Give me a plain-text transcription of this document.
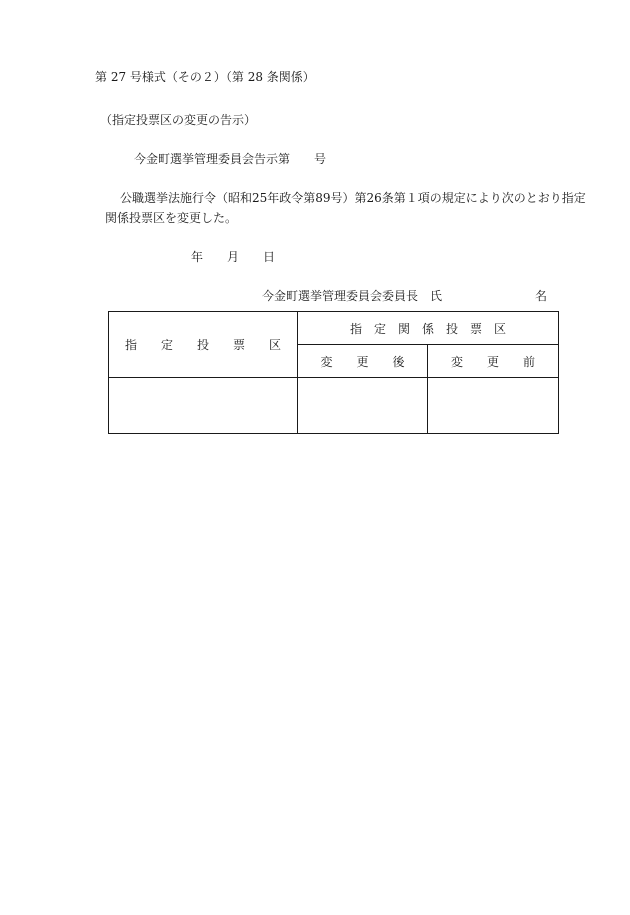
第 27 号様式（その２）（第 28 条関係）
（指定投票区の変更の告示）
今金町選挙管理委員会告示第　　号
公職選挙法施行令（昭和25年政令第89号）第26条第１項の規定により次のとおり指定
関係投票区を変更した。
年　　月　　日
今金町選挙管理委員会委員長　氏	名
指　　定　　投　　票　　区	指　定　関　係　投　票　区	
	変　　更　　後	変　　更　　前
